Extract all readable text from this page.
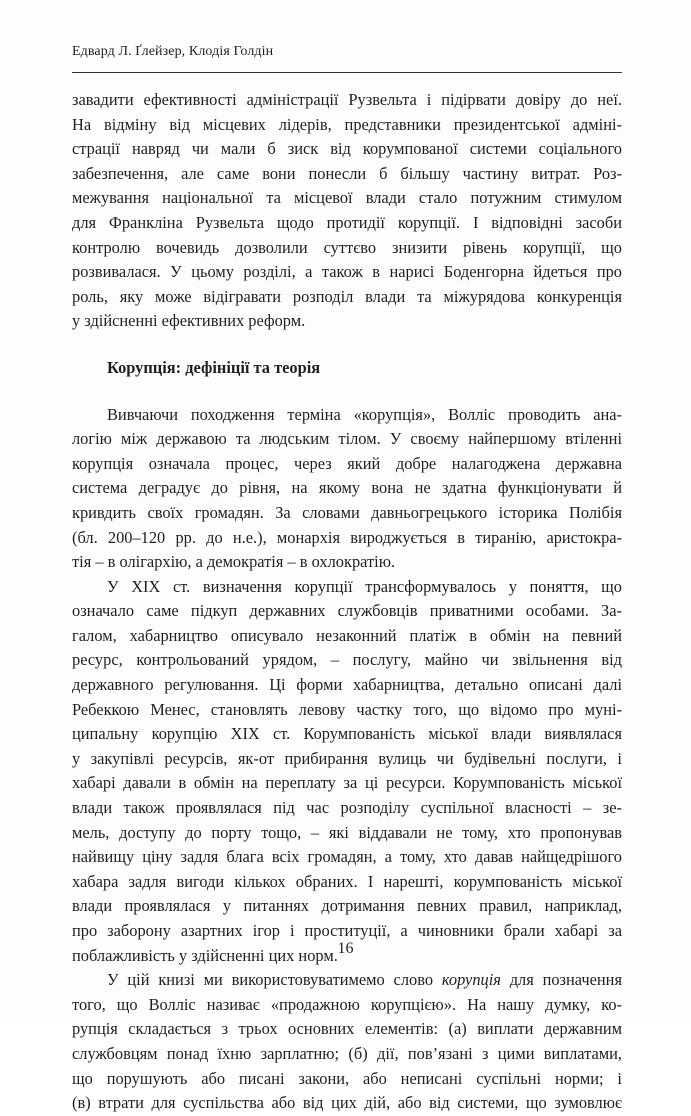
Едвард Л. Ґлейзер, Клодія Голдін
завадити ефективності адміністрації Рузвельта і підірвати довіру до неї.
На відміну від місцевих лідерів, представники президентської адміні-
страції навряд чи мали б зиск від корумпованої системи соціального
забезпечення, але саме вони понесли б більшу частину витрат. Роз-
межування національної та місцевої влади стало потужним стимулом
для Франкліна Рузвельта щодо протидії корупції. І відповідні засоби
контролю вочевидь дозволили суттєво знизити рівень корупції, що
розвивалася. У цьому розділі, а також в нарисі Боденгорна йдеться про
роль, яку може відігравати розподіл влади та міжурядова конкуренція
у здійсненні ефективних реформ.
Корупція: дефініції та теорія
Вивчаючи походження терміна «корупція», Волліс проводить ана-
логію між державою та людським тілом. У своєму найпершому втіленні
корупція означала процес, через який добре налагоджена державна
система деградує до рівня, на якому вона не здатна функціонувати й
кривдить своїх громадян. За словами давньогрецького історика Полібія
(бл. 200–120 рр. до н.е.), монархія вироджується в тиранію, аристокра-
тія – в олігархію, а демократія – в охлократію.
У XIX ст. визначення корупції трансформувалось у поняття, що
означало саме підкуп державних службовців приватними особами. За-
галом, хабарництво описувало незаконний платіж в обмін на певний
ресурс, контрольований урядом, – послугу, майно чи звільнення від
державного регулювання. Ці форми хабарництва, детально описані далі
Ребеккою Менес, становлять левову частку того, що відомо про муні-
ципальну корупцію XIX ст. Корумпованість міської влади виявлялася
у закупівлі ресурсів, як-от прибирання вулиць чи будівельні послуги, і
хабарі давали в обмін на переплату за ці ресурси. Корумпованість міської
влади також проявлялася під час розподілу суспільної власності – зе-
мель, доступу до порту тощо, – які віддавали не тому, хто пропонував
найвищу ціну задля блага всіх громадян, а тому, хто давав найщедрішого
хабара задля вигоди кількох обраних. І нарешті, корумпованість міської
влади проявлялася у питаннях дотримання певних правил, наприклад,
про заборону азартних ігор і проституції, а чиновники брали хабарі за
поблажливість у здійсненні цих норм.
У цій книзі ми використовуватимемо слово корупція для позначення
того, що Волліс називає «продажною корупцією». На нашу думку, ко-
рупція складається з трьох основних елементів: (а) виплати державним
службовцям понад їхню зарплатню; (б) дії, пов’язані з цими виплатами,
що порушують або писані закони, або неписані суспільні норми; і
(в) втрати для суспільства або від цих дій, або від системи, що зумовлює
16
